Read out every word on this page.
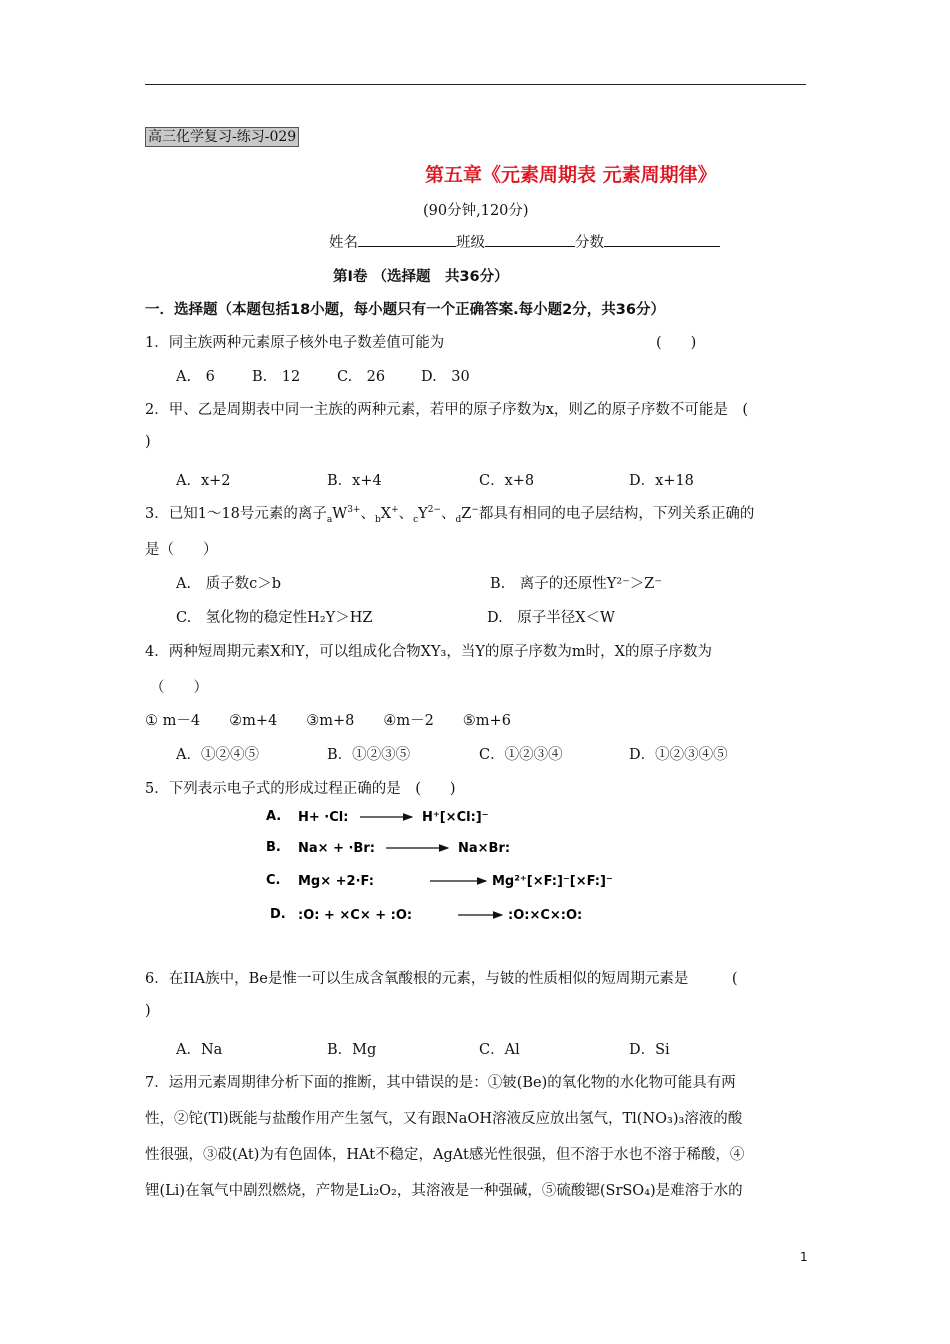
高三化学复习-练习-029
第五章《元素周期表 元素周期律》
(90分钟,120分)
姓名	班级	分数
第Ⅰ卷 （选择题　共36分）
一．选择题（本题包括18小题，每小题只有一个正确答案.每小题2分，共36分）
1．同主族两种元素原子核外电子数差值可能为	(　　)
A.　6	B.　12	C.　26 D.　30
2．甲、乙是周期表中同一主族的两种元素，若甲的原子序数为x，则乙的原子序数不可能是　(
)
A．x+2	B．x+4	C．x+8	D．x+18
3．已知1～18号元素的离子$_aW^{3+}$、$_b$X+、$_cY^{2-}$、$_d$Z−都具有相同的电子层结构，下列关系正确的
是（　　）
A.　质子数c＞b	B.　离子的还原性Y²⁻＞Z⁻
C.　氢化物的稳定性H₂Y＞HZ	D.　原子半径X＜W
4．两种短周期元素X和Y，可以组成化合物XY₃，当Y的原子序数为m时，X的原子序数为
（　　）
① m－4　　②m+4　　③m+8　　④m－2　　⑤m+6
A．①②④⑤	B．①②③⑤	C．①②③④	D．①②③④⑤
5．下列表示电子式的形成过程正确的是　(　　)
A. H+ ·Cl:	H⁺[×Cl:]⁻
B. Na× + ·Br:	Na×Br:
C. Mg× +2·F:	Mg²⁺[×F:]⁻[×F:]⁻
D. :O: + ×C× + :O:	:O:×C×:O:
6．在IIA族中，Be是惟一可以生成含氧酸根的元素，与铍的性质相似的短周期元素是　　　(
)
A．Na	B．Mg	C．Al	D．Si
7．运用元素周期律分析下面的推断，其中错误的是：①铍(Be)的氧化物的水化物可能具有两
性，②铊(Tl)既能与盐酸作用产生氢气，又有跟NaOH溶液反应放出氢气，Tl(NO₃)₃溶液的酸
性很强，③砹(At)为有色固体，HAt不稳定，AgAt感光性很强，但不溶于水也不溶于稀酸，④
锂(Li)在氧气中剧烈燃烧，产物是Li₂O₂，其溶液是一种强碱，⑤硫酸锶(SrSO₄)是难溶于水的
1
